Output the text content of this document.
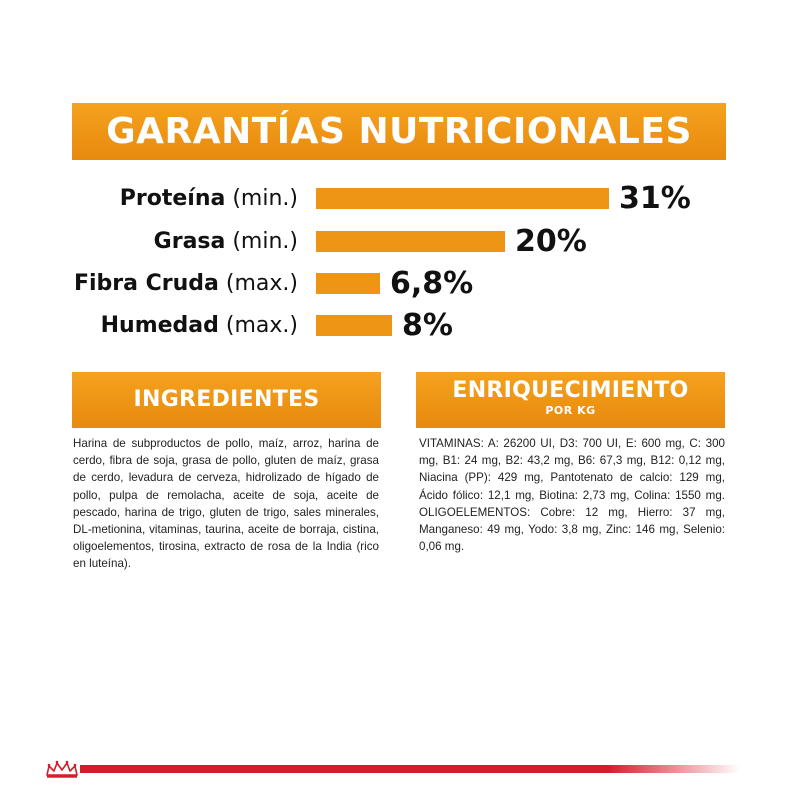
GARANTÍAS NUTRICIONALES
Proteína (min.)	31%
Grasa (min.)	20%
Fibra Cruda (max.)	6,8%
Humedad (max.)	8%
INGREDIENTES
Harina de subproductos de pollo, maíz, arroz, harina de cerdo, fibra de soja, grasa de pollo, gluten de maíz, grasa de cerdo, levadura de cerveza, hidrolizado de hígado de pollo, pulpa de remolacha, aceite de soja, aceite de pescado, harina de trigo, gluten de trigo, sales minerales, DL-metionina, vitaminas, taurina, aceite de borraja, cistina, oligoelementos, tirosina, extracto de rosa de la India (rico en luteína).
ENRIQUECIMIENTO
POR KG
VITAMINAS: A: 26200 UI, D3: 700 UI, E: 600 mg, C: 300 mg, B1: 24 mg, B2: 43,2 mg, B6: 67,3 mg, B12: 0,12 mg, Niacina (PP): 429 mg, Pantotenato de calcio: 129 mg, Ácido fólico: 12,1 mg, Biotina: 2,73 mg, Colina: 1550 mg. OLIGOELEMENTOS: Cobre: 12 mg, Hierro: 37 mg, Manganeso: 49 mg, Yodo: 3,8 mg, Zinc: 146 mg, Selenio: 0,06 mg.
